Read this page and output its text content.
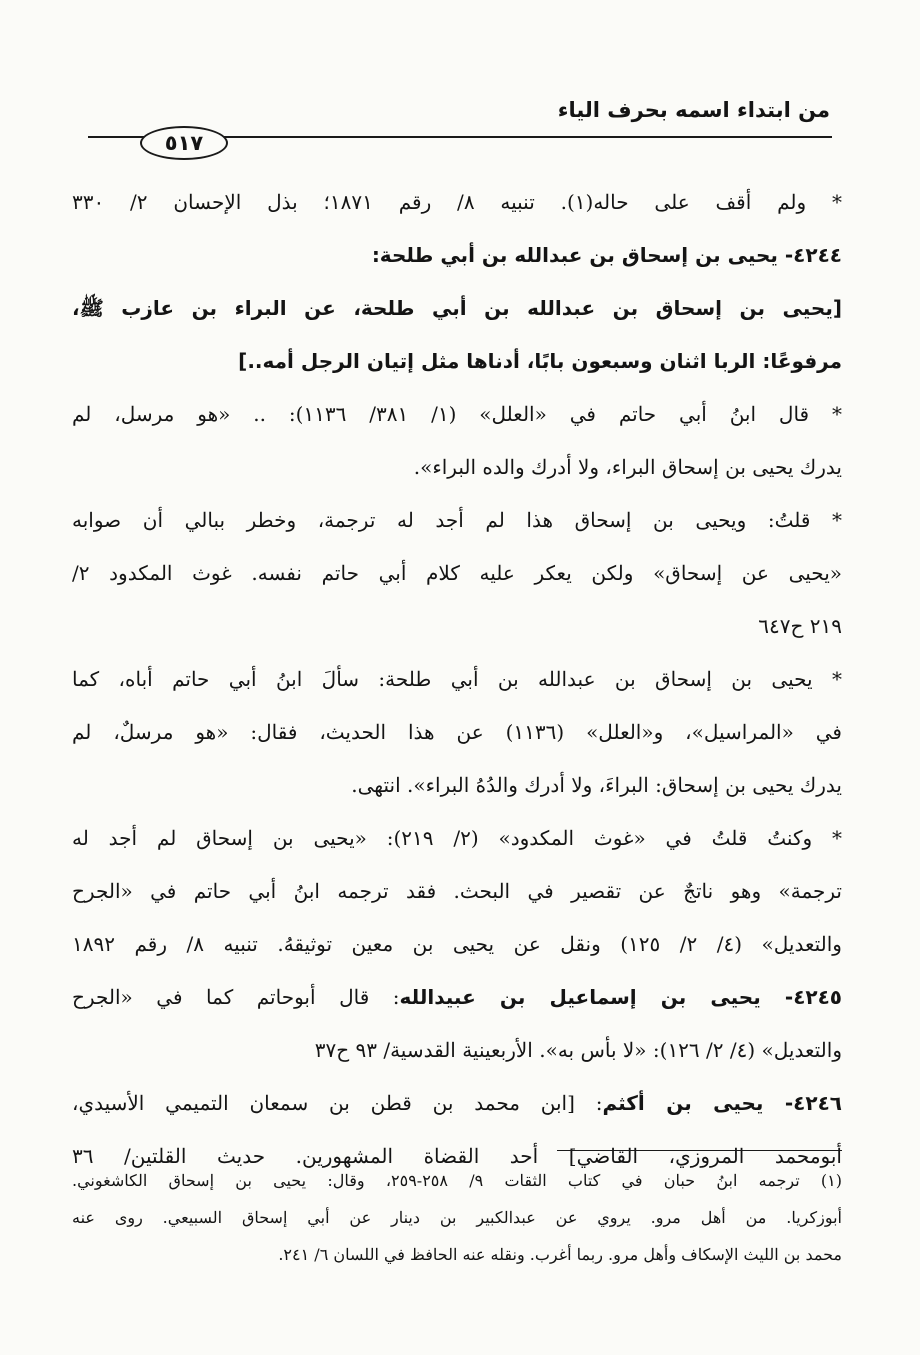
من ابتداء اسمه بحرف الياء
٥١٧
* ولم أقف على حاله(١). تنبيه ٨/ رقم ١٨٧١؛ بذل الإحسان ٢/ ٣٣٠
٤٢٤٤- يحيى بن إسحاق بن عبدالله بن أبي طلحة:
[يحيى بن إسحاق بن عبدالله بن أبي طلحة، عن البراء بن عازب ﷺ،
مرفوعًا: الربا اثنان وسبعون بابًا، أدناها مثل إتيان الرجل أمه..]
* قال ابنُ أبي حاتم في «العلل» (١/ ٣٨١/ ١١٣٦): .. «هو مرسل، لم
يدرك يحيى بن إسحاق البراء، ولا أدرك والده البراء».
* قلتُ: ويحيى بن إسحاق هذا لم أجد له ترجمة، وخطر ببالي أن صوابه
«يحيى عن إسحاق» ولكن يعكر عليه كلام أبي حاتم نفسه. غوث المكدود ٢/
٢١٩ ح٦٤٧
* يحيى بن إسحاق بن عبدالله بن أبي طلحة: سألَ ابنُ أبي حاتم أباه، كما
في «المراسيل»، و«العلل» (١١٣٦) عن هذا الحديث، فقال: «هو مرسلٌ، لم
يدرك يحيى بن إسحاق: البراءَ، ولا أدرك والدُهُ البراء». انتهى.
* وكنتُ قلتُ في «غوث المكدود» (٢/ ٢١٩): «يحيى بن إسحاق لم أجد له
ترجمة» وهو ناتجٌ عن تقصير في البحث. فقد ترجمه ابنُ أبي حاتم في «الجرح
والتعديل» (٤/ ٢/ ١٢٥) ونقل عن يحيى بن معين توثيقهُ. تنبيه ٨/ رقم ١٨٩٢
٤٢٤٥- يحيى بن إسماعيل بن عبيدالله: قال أبوحاتم كما في «الجرح
والتعديل» (٤/ ٢/ ١٢٦): «لا بأس به». الأربعينية القدسية/ ٩٣ ح٣٧
٤٢٤٦- يحيى بن أكثم: [ابن محمد بن قطن بن سمعان التميمي الأسيدي،
أبومحمد المروزي، القاضي] أحد القضاة المشهورين. حديث القلتين/ ٣٦
(١) ترجمه ابنُ حبان في كتاب الثقات ٩/ ٢٥٨-٢٥٩، وقال: يحيى بن إسحاق الكاشغوني.
أبوزكريا. من أهل مرو. يروي عن عبدالكبير بن دينار عن أبي إسحاق السبيعي. روى عنه
محمد بن الليث الإسكاف وأهل مرو. ربما أغرب. ونقله عنه الحافظ في اللسان ٦/ ٢٤١.
